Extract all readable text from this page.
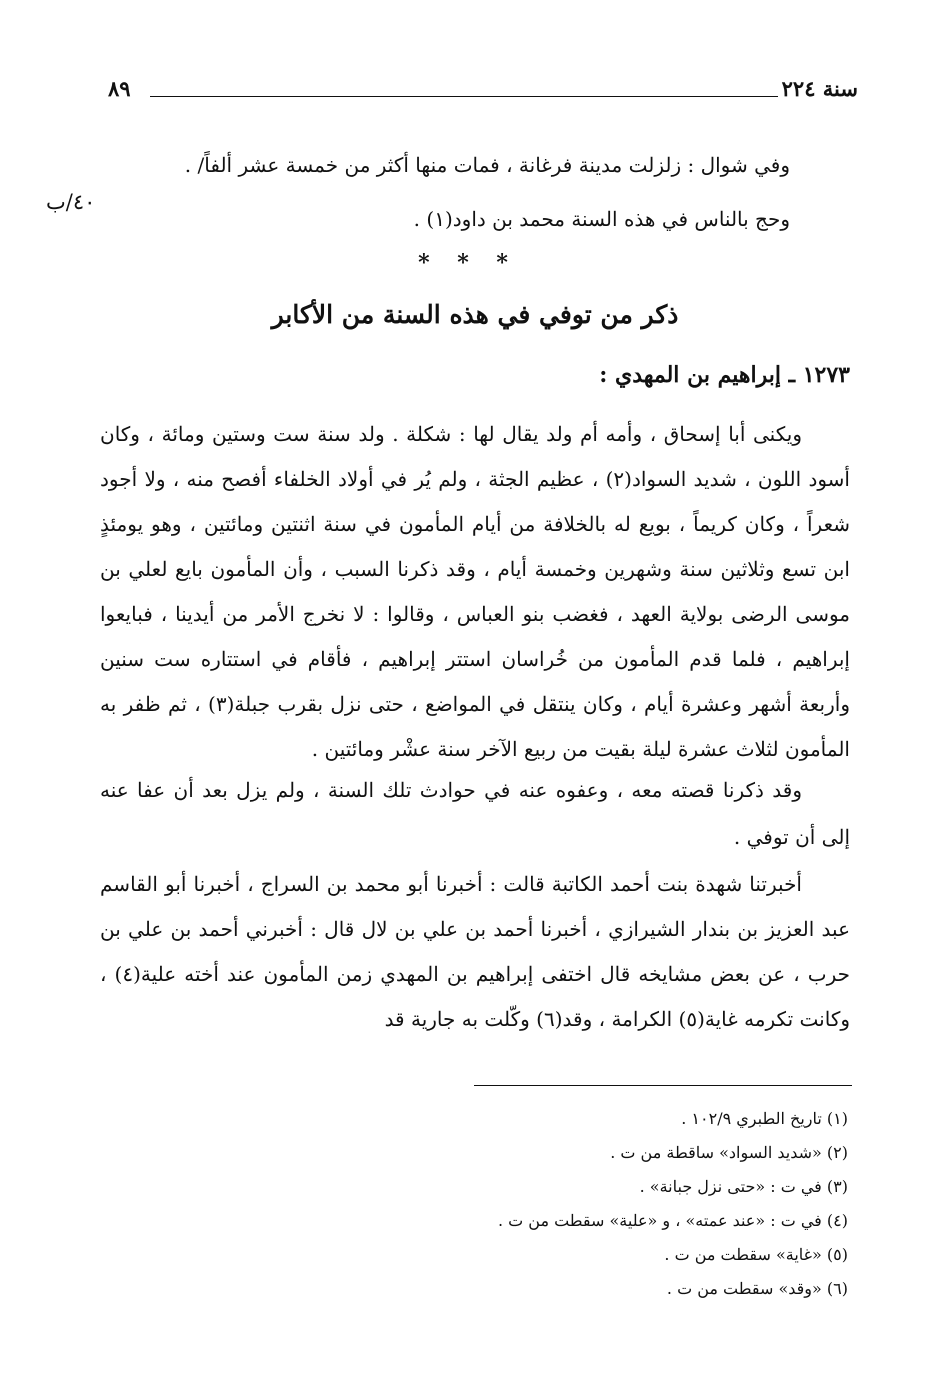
٨٩	سنة ٢٢٤
٤٠/ب
وفي شوال : زلزلت مدينة فرغانة ، فمات منها أكثر من خمسة عشر ألفاً/ .
وحج بالناس في هذه السنة محمد بن داود(١) .
* * *
ذكر من توفي في هذه السنة من الأكابر
١٢٧٣ ـ إبراهيم بن المهدي :

ويكنى أبا إسحاق ، وأمه أم ولد يقال لها : شكلة . ولد سنة ست وستين ومائة ، وكان أسود اللون ، شديد السواد(٢) ، عظيم الجثة ، ولم يُر في أولاد الخلفاء أفصح منه ، ولا أجود شعراً ، وكان كريماً ، بويع له بالخلافة من أيام المأمون في سنة اثنتين ومائتين ، وهو يومئذٍ ابن تسع وثلاثين سنة وشهرين وخمسة أيام ، وقد ذكرنا السبب ، وأن المأمون بايع لعلي بن موسى الرضى بولاية العهد ، فغضب بنو العباس ، وقالوا : لا نخرج الأمر من أيدينا ، فبايعوا إبراهيم ، فلما قدم المأمون من خُراسان استتر إبراهيم ، فأقام في استتاره ست سنين وأربعة أشهر وعشرة أيام ، وكان ينتقل في المواضع ، حتى نزل بقرب جبلة(٣) ، ثم ظفر به المأمون لثلاث عشرة ليلة بقيت من ربيع الآخر سنة عشْر ومائتين .

وقد ذكرنا قصته معه ، وعفوه عنه في حوادث تلك السنة ، ولم يزل بعد أن عفا عنه إلى أن توفي .

أخبرتنا شهدة بنت أحمد الكاتبة قالت : أخبرنا أبو محمد بن السراج ، أخبرنا أبو القاسم عبد العزيز بن بندار الشيرازي ، أخبرنا أحمد بن علي بن لال قال : أخبرني أحمد بن علي بن حرب ، عن بعض مشايخه قال اختفى إبراهيم بن المهدي زمن المأمون عند أخته علية(٤) ، وكانت تكرمه غاية(٥) الكرامة ، وقد(٦) وكّلت به جارية قد

(١) تاريخ الطبري ١٠٢/٩ .
(٢) «شديد السواد» ساقطة من ت .
(٣) في ت : «حتى نزل جبانة» .
(٤) في ت : «عند عمته» ، و «علية» سقطت من ت .
(٥) «غاية» سقطت من ت .
(٦) «وقد» سقطت من ت .
